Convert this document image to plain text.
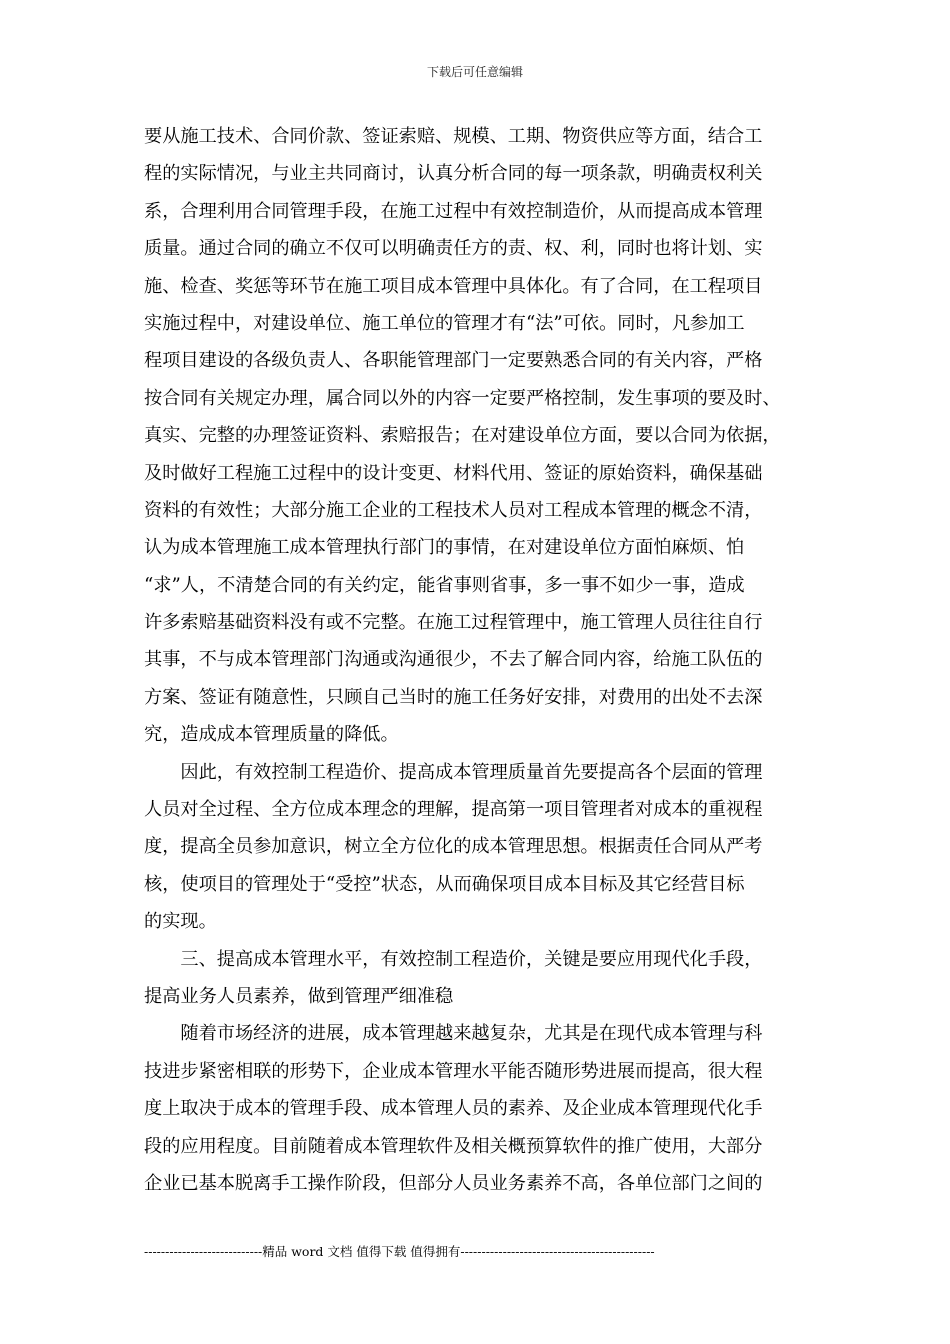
下载后可任意编辑
要从施工技术、合同价款、签证索赔、规模、工期、物资供应等方面，结合工
程的实际情况，与业主共同商讨，认真分析合同的每一项条款，明确责权利关
系，合理利用合同管理手段，在施工过程中有效控制造价，从而提高成本管理
质量。通过合同的确立不仅可以明确责任方的责、权、利，同时也将计划、实
施、检查、奖惩等环节在施工项目成本管理中具体化。有了合同，在工程项目
实施过程中，对建设单位、施工单位的管理才有“法”可依。同时，凡参加工
程项目建设的各级负责人、各职能管理部门一定要熟悉合同的有关内容，严格
按合同有关规定办理，属合同以外的内容一定要严格控制，发生事项的要及时、
真实、完整的办理签证资料、索赔报告；在对建设单位方面，要以合同为依据，
及时做好工程施工过程中的设计变更、材料代用、签证的原始资料，确保基础
资料的有效性；大部分施工企业的工程技术人员对工程成本管理的概念不清，
认为成本管理施工成本管理执行部门的事情，在对建设单位方面怕麻烦、怕
“求”人，不清楚合同的有关约定，能省事则省事，多一事不如少一事，造成
许多索赔基础资料没有或不完整。在施工过程管理中，施工管理人员往往自行
其事，不与成本管理部门沟通或沟通很少，不去了解合同内容，给施工队伍的
方案、签证有随意性，只顾自己当时的施工任务好安排，对费用的出处不去深
究，造成成本管理质量的降低。
　　因此，有效控制工程造价、提高成本管理质量首先要提高各个层面的管理
人员对全过程、全方位成本理念的理解，提高第一项目管理者对成本的重视程
度，提高全员参加意识，树立全方位化的成本管理思想。根据责任合同从严考
核，使项目的管理处于“受控”状态，从而确保项目成本目标及其它经营目标
的实现。
　　三、提高成本管理水平，有效控制工程造价，关键是要应用现代化手段，
提高业务人员素养，做到管理严细准稳
　　随着市场经济的进展，成本管理越来越复杂，尤其是在现代成本管理与科
技进步紧密相联的形势下，企业成本管理水平能否随形势进展而提高，很大程
度上取决于成本的管理手段、成本管理人员的素养、及企业成本管理现代化手
段的应用程度。目前随着成本管理软件及相关概预算软件的推广使用，大部分
企业已基本脱离手工操作阶段，但部分人员业务素养不高，各单位部门之间的
----------------------------精品 word 文档 值得下载 值得拥有----------------------------------------------
